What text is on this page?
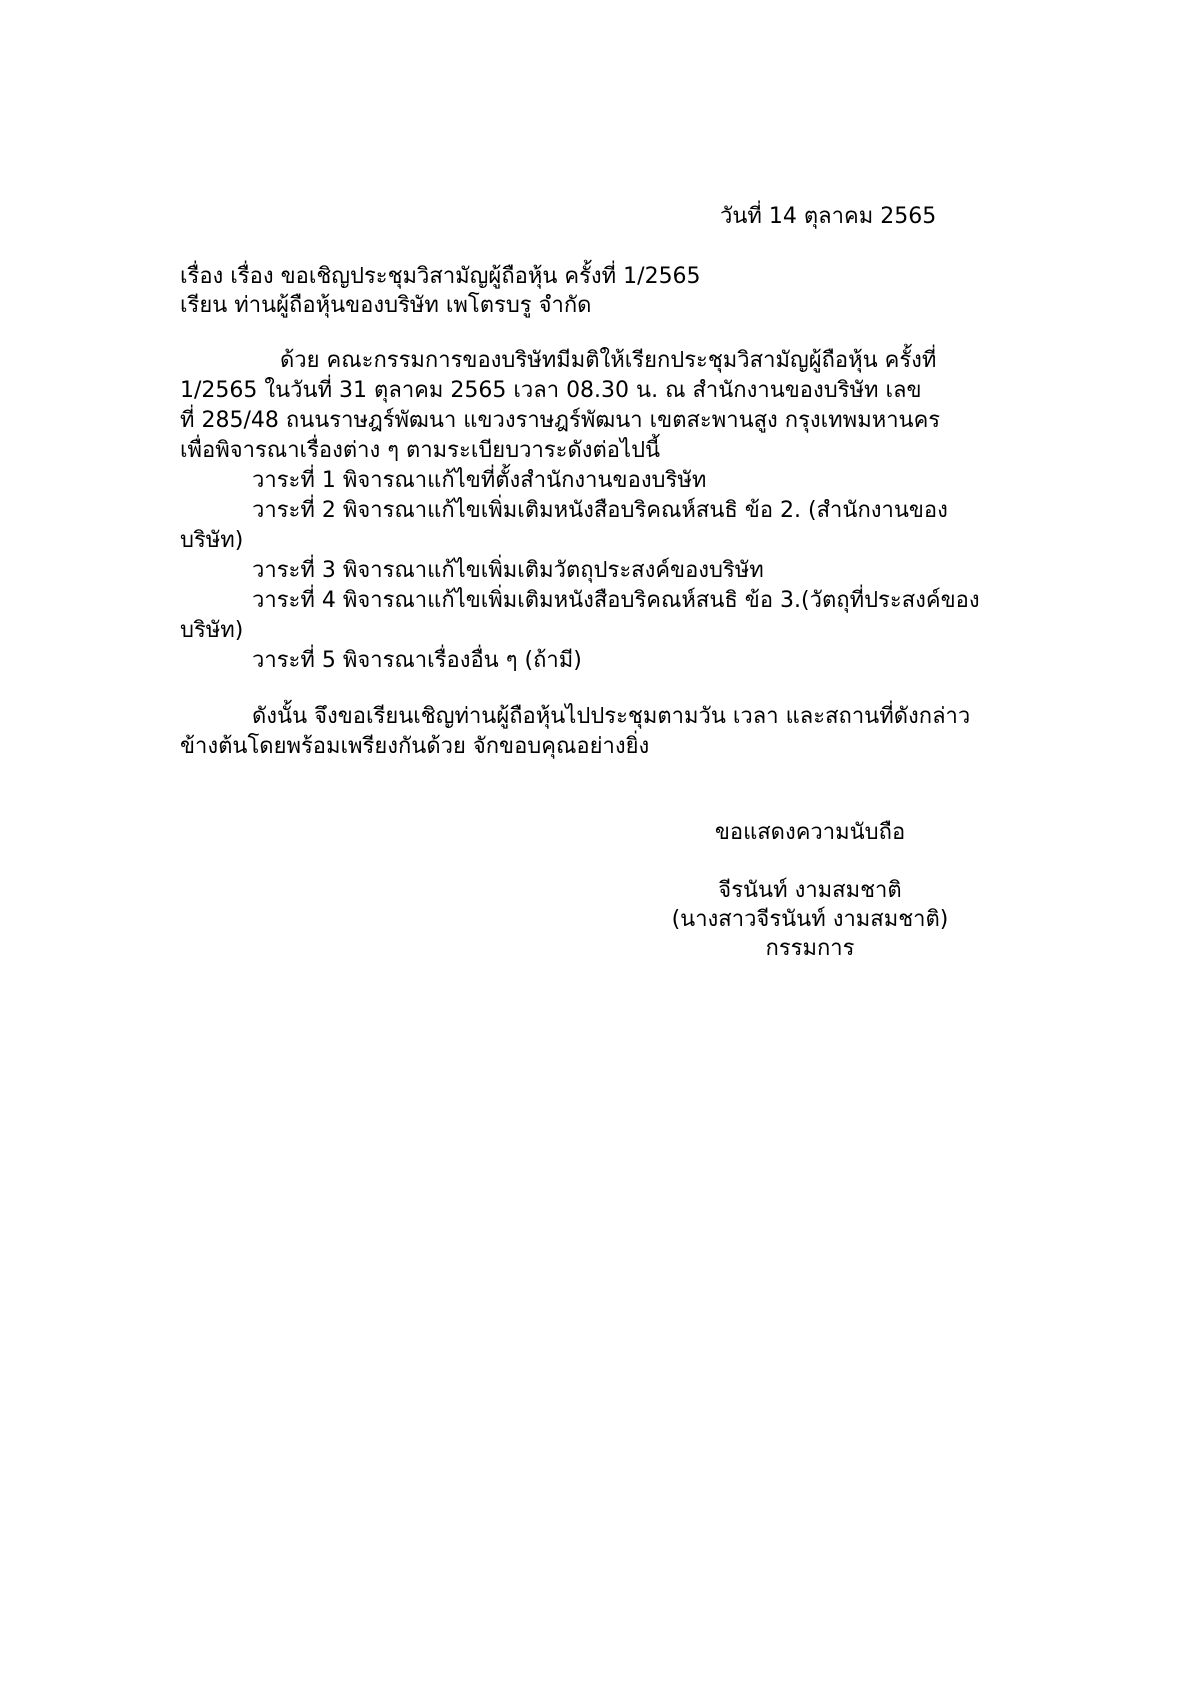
วันที่ 14 ตุลาคม 2565
เรื่อง เรื่อง ขอเชิญประชุมวิสามัญผู้ถือหุ้น ครั้งที่ 1/2565
เรียน ท่านผู้ถือหุ้นของบริษัท เพโตรบรู จำกัด
ด้วย คณะกรรมการของบริษัทมีมติให้เรียกประชุมวิสามัญผู้ถือหุ้น ครั้งที่
1/2565 ในวันที่ 31 ตุลาคม 2565 เวลา 08.30 น. ณ สำนักงานของบริษัท เลข
ที่ 285/48 ถนนราษฎร์พัฒนา แขวงราษฎร์พัฒนา เขตสะพานสูง กรุงเทพมหานคร
เพื่อพิจารณาเรื่องต่าง ๆ ตามระเบียบวาระดังต่อไปนี้
วาระที่ 1 พิจารณาแก้ไขที่ตั้งสำนักงานของบริษัท
วาระที่ 2 พิจารณาแก้ไขเพิ่มเติมหนังสือบริคณห์สนธิ ข้อ 2. (สำนักงานของ
บริษัท)
วาระที่ 3 พิจารณาแก้ไขเพิ่มเติมวัตถุประสงค์ของบริษัท
วาระที่ 4 พิจารณาแก้ไขเพิ่มเติมหนังสือบริคณห์สนธิ ข้อ 3.(วัตถุที่ประสงค์ของ
บริษัท)
วาระที่ 5 พิจารณาเรื่องอื่น ๆ (ถ้ามี)
ดังนั้น จึงขอเรียนเชิญท่านผู้ถือหุ้นไปประชุมตามวัน เวลา และสถานที่ดังกล่าว
ข้างต้นโดยพร้อมเพรียงกันด้วย จักขอบคุณอย่างยิ่ง
ขอแสดงความนับถือ
จีรนันท์ งามสมชาติ
(นางสาวจีรนันท์ งามสมชาติ)
กรรมการ
